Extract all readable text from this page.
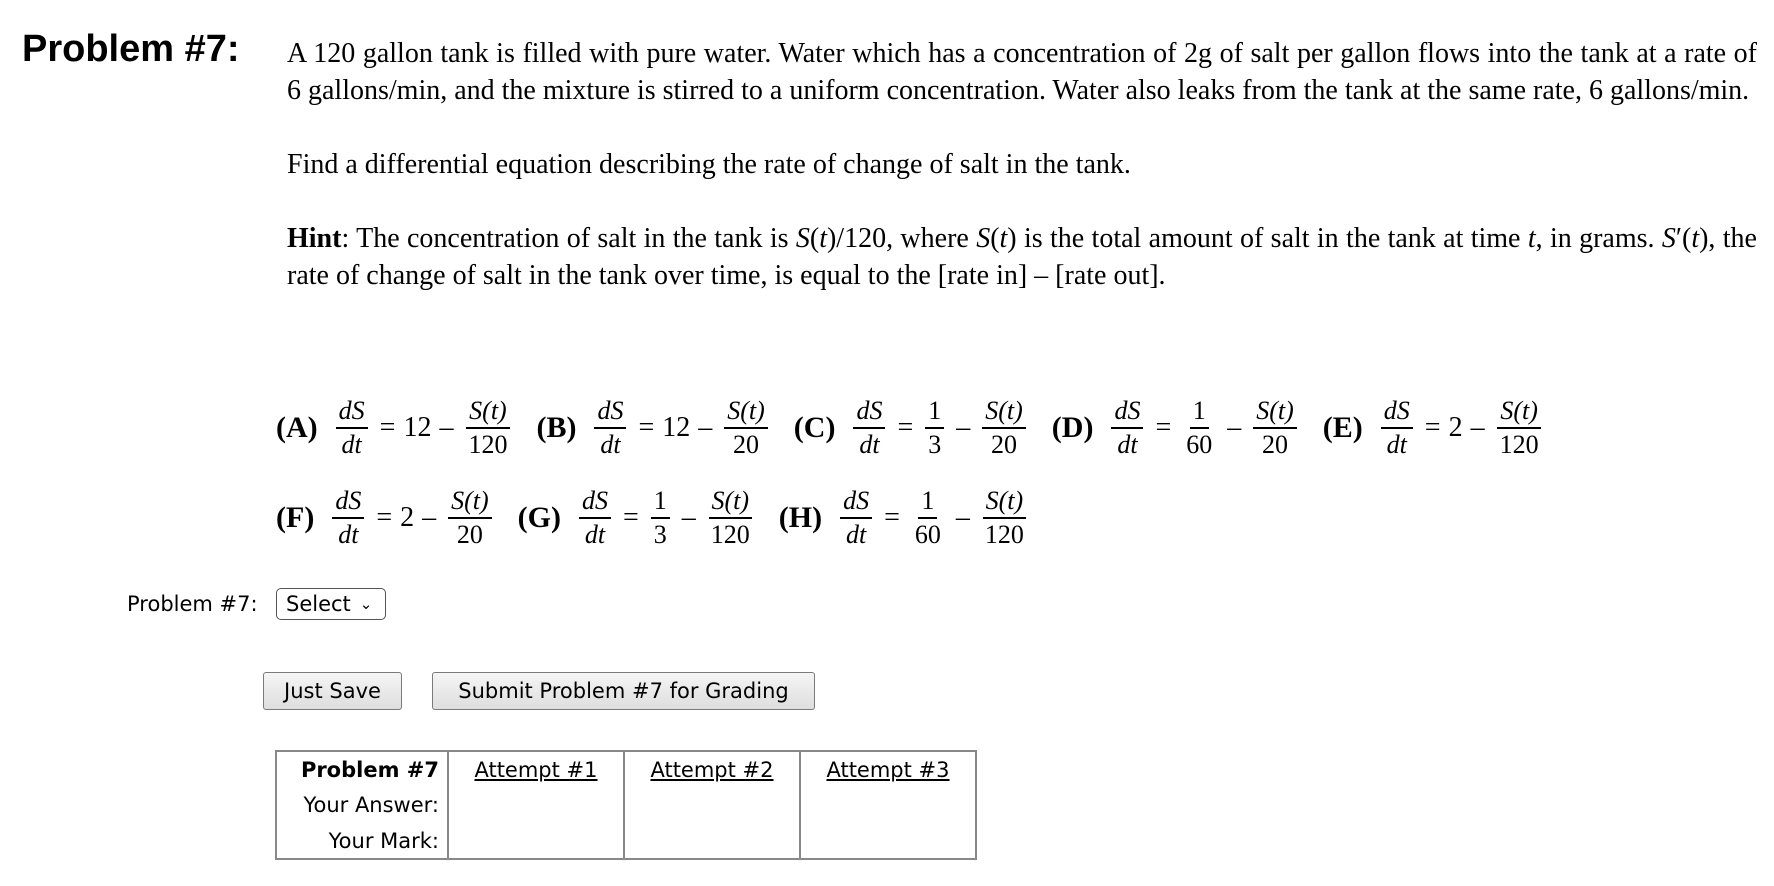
Problem #7: A 120 gallon tank is filled with pure water. Water which has a concentration of 2g of salt per gallon flows into the tank at a rate of 6 gallons/min, and the mixture is stirred to a uniform concentration. Water also leaks from the tank at the same rate, 6 gallons/min.

Find a differential equation describing the rate of change of salt in the tank.

Hint: The concentration of salt in the tank is S(t)/120, where S(t) is the total amount of salt in the tank at time t, in grams. S′(t), the rate of change of salt in the tank over time, is equal to the [rate in] – [rate out].

$(A) \frac{dS}{dt} = 12 - \frac{S(t)}{120} (B) \frac{dS}{dt} = 12 - \frac{S(t)}{20} (C) \frac{dS}{dt} = \frac{1}{3} - \frac{S(t)}{20} (D) \frac{dS}{dt} = \frac{1}{60} - \frac{S(t)}{20} (E) \frac{dS}{dt} = 2 - \frac{S(t)}{120}$
$(F) \frac{dS}{dt} = 2 - \frac{S(t)}{20} (G) \frac{dS}{dt} = \frac{1}{3} - \frac{S(t)}{120} (H) \frac{dS}{dt} = \frac{1}{60} - \frac{S(t)}{120}$
Problem #7: Select ⌄
Just Save	Submit Problem #7 for Grading
Problem #7	Attempt #1	Attempt #2	Attempt #3
Your Answer:			
Your Mark:			
